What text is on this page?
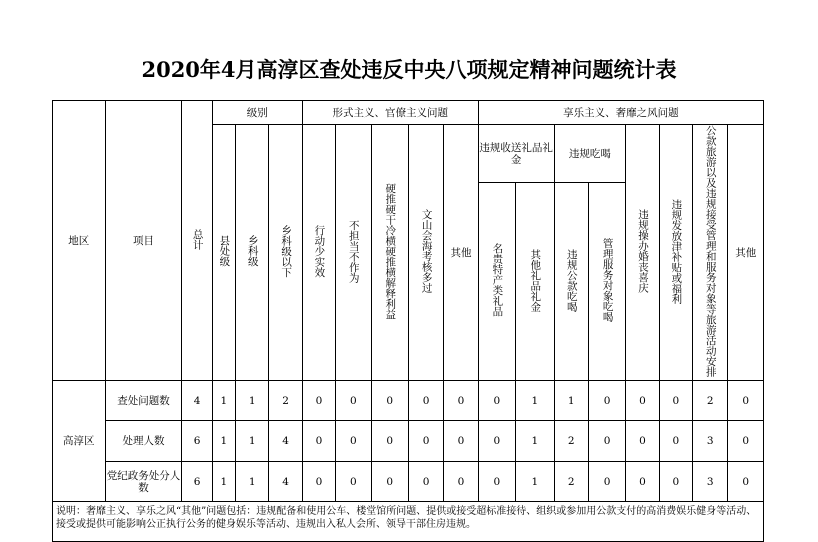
2020年4月高淳区查处违反中央八项规定精神问题统计表
地区	项目	总计	级别			形式主义、官僚主义问题					享乐主义、奢靡之风问题							
			县处级	乡科级	乡科级以下	行动少实效	不担当不作为	硬推硬干冷横硬推横解释利益	文山会海考核多过	其他	违规收送礼品礼金		违规吃喝		违规操办婚丧喜庆	违规发放津补贴或福利	公款旅游以及违规接受管理和服务对象等旅游活动安排	其他
											名贵特产类礼品	其他礼品礼金	违规公款吃喝	管理服务对象吃喝				
高淳区	查处问题数	4	1	1	2	0	0	0	0	0	0	1	1	0	0	0	2	0
	处理人数	6	1	1	4	0	0	0	0	0	0	1	2	0	0	0	3	0
	党纪政务处分人数	6	1	1	4	0	0	0	0	0	0	1	2	0	0	0	3	0
说明：奢靡主义、享乐之风“其他”问题包括：违规配备和使用公车、楼堂馆所问题、提供或接受超标准接待、组织或参加用公款支付的高消费娱乐健身等活动、接受或提供可能影响公正执行公务的健身娱乐等活动、违规出入私人会所、领导干部住房违规。																		
